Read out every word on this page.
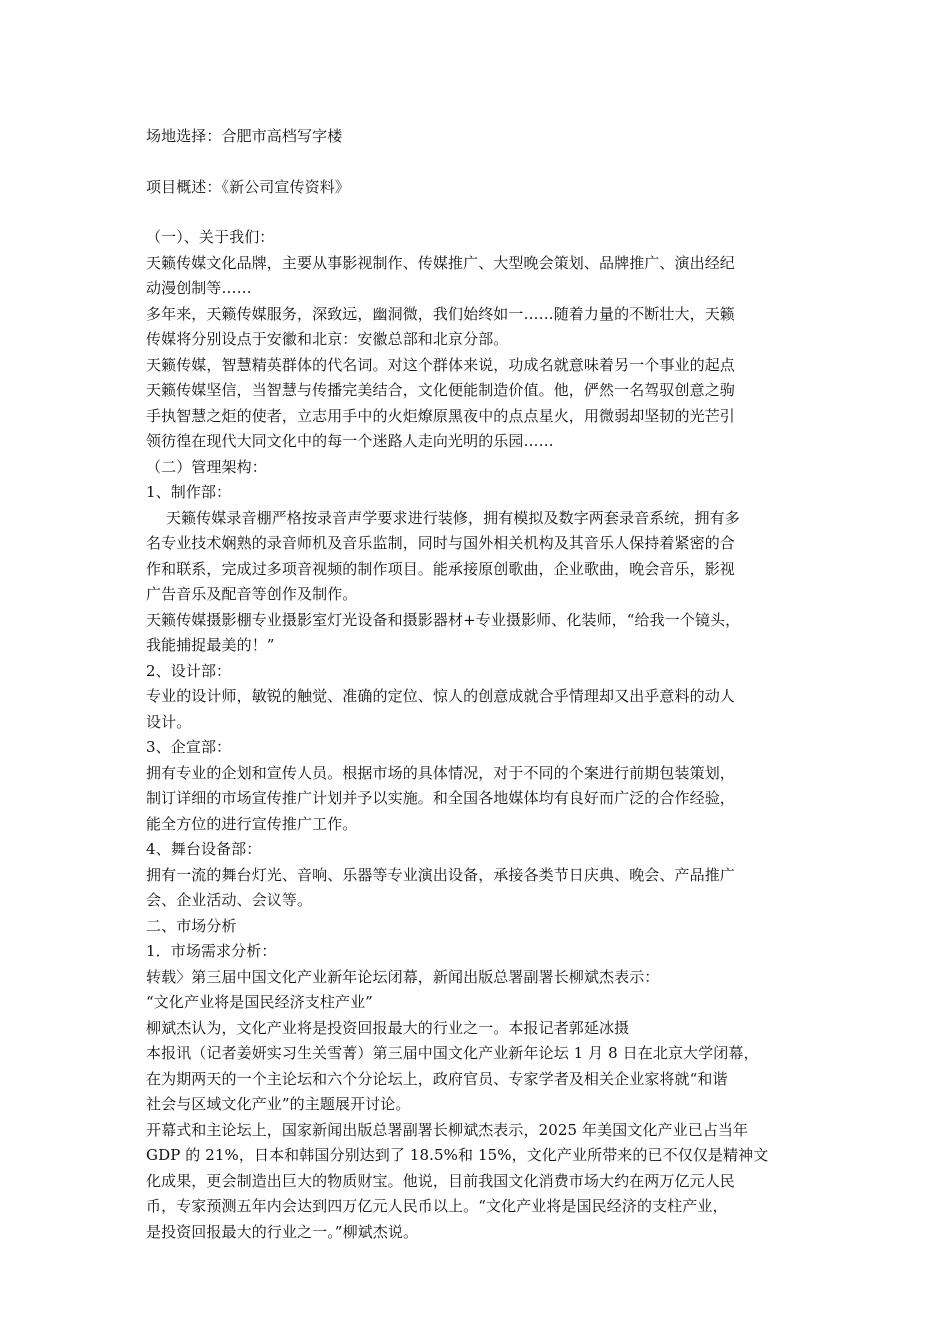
场地选择：合肥市高档写字楼
项目概述：《新公司宣传资料》
（一）、关于我们：
天籁传媒文化品牌，主要从事影视制作、传媒推广、大型晚会策划、品牌推广、演出经纪
动漫创制等……
多年来，天籁传媒服务，深致远，幽洞微，我们始终如一……随着力量的不断壮大，天籁
传媒将分别设点于安徽和北京：安徽总部和北京分部。
天籁传媒，智慧精英群体的代名词。对这个群体来说，功成名就意味着另一个事业的起点
天籁传媒坚信，当智慧与传播完美结合，文化便能制造价值。他，俨然一名驾驭创意之驹
手执智慧之炬的使者，立志用手中的火炬燎原黑夜中的点点星火，用微弱却坚韧的光芒引
领彷徨在现代大同文化中的每一个迷路人走向光明的乐园……
（二）管理架构：
1、制作部：
天籁传媒录音棚严格按录音声学要求进行装修，拥有模拟及数字两套录音系统，拥有多
名专业技术娴熟的录音师机及音乐监制，同时与国外相关机构及其音乐人保持着紧密的合
作和联系，完成过多项音视频的制作项目。能承接原创歌曲，企业歌曲，晚会音乐，影视
广告音乐及配音等创作及制作。
天籁传媒摄影棚专业摄影室灯光设备和摄影器材+专业摄影师、化装师，“给我一个镜头，
我能捕捉最美的！”
2、设计部：
专业的设计师，敏锐的触觉、准确的定位、惊人的创意成就合乎情理却又出乎意料的动人
设计。
3、企宣部：
拥有专业的企划和宣传人员。根据市场的具体情况，对于不同的个案进行前期包装策划，
制订详细的市场宣传推广计划并予以实施。和全国各地媒体均有良好而广泛的合作经验，
能全方位的进行宣传推广工作。
4、舞台设备部：
拥有一流的舞台灯光、音响、乐器等专业演出设备，承接各类节日庆典、晚会、产品推广
会、企业活动、会议等。
二、市场分析
1．市场需求分析：
转载〉第三届中国文化产业新年论坛闭幕，新闻出版总署副署长柳斌杰表示：
“文化产业将是国民经济支柱产业”
柳斌杰认为，文化产业将是投资回报最大的行业之一。本报记者郭延冰摄
本报讯（记者姜妍实习生关雪菁）第三届中国文化产业新年论坛 1 月 8 日在北京大学闭幕，
在为期两天的一个主论坛和六个分论坛上，政府官员、专家学者及相关企业家将就“和谐
社会与区域文化产业”的主题展开讨论。
开幕式和主论坛上，国家新闻出版总署副署长柳斌杰表示，2025 年美国文化产业已占当年
GDP 的 21%，日本和韩国分别达到了 18.5%和 15%，文化产业所带来的已不仅仅是精神文
化成果，更会制造出巨大的物质财宝。他说，目前我国文化消费市场大约在两万亿元人民
币，专家预测五年内会达到四万亿元人民币以上。“文化产业将是国民经济的支柱产业，
是投资回报最大的行业之一。”柳斌杰说。
